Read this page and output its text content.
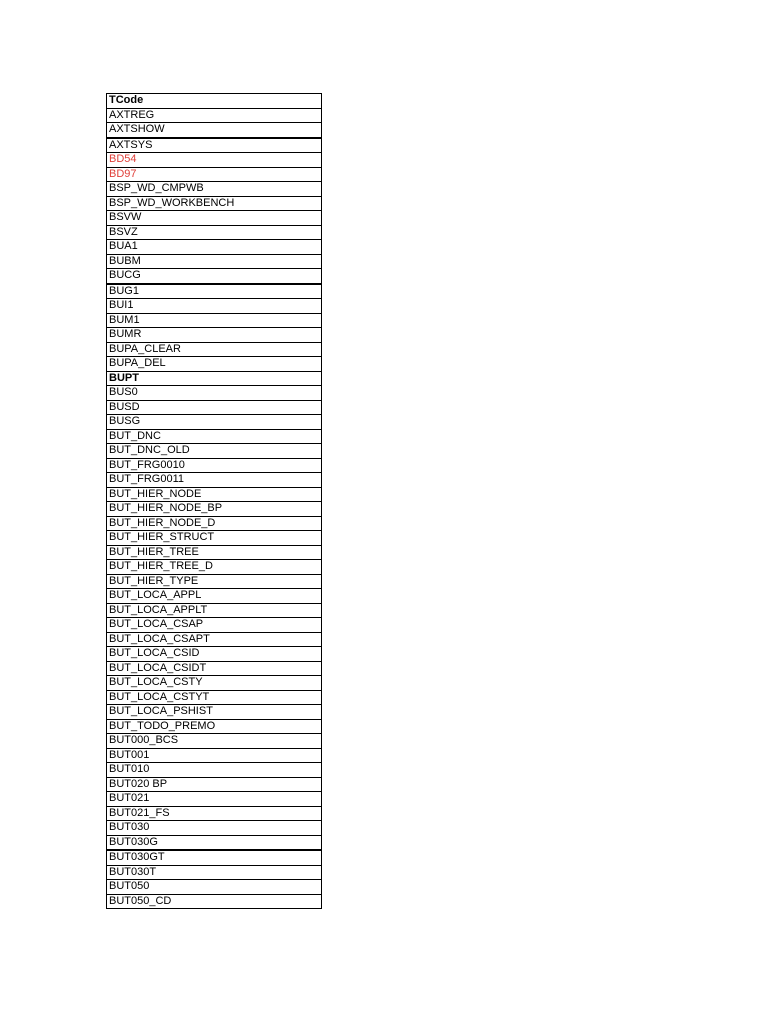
TCode
AXTREG
AXTSHOW
AXTSYS
BD54
BD97
BSP_WD_CMPWB
BSP_WD_WORKBENCH
BSVW
BSVZ
BUA1
BUBM
BUCG
BUG1
BUI1
BUM1
BUMR
BUPA_CLEAR
BUPA_DEL
BUPT
BUS0
BUSD
BUSG
BUT_DNC
BUT_DNC_OLD
BUT_FRG0010
BUT_FRG0011
BUT_HIER_NODE
BUT_HIER_NODE_BP
BUT_HIER_NODE_D
BUT_HIER_STRUCT
BUT_HIER_TREE
BUT_HIER_TREE_D
BUT_HIER_TYPE
BUT_LOCA_APPL
BUT_LOCA_APPLT
BUT_LOCA_CSAP
BUT_LOCA_CSAPT
BUT_LOCA_CSID
BUT_LOCA_CSIDT
BUT_LOCA_CSTY
BUT_LOCA_CSTYT
BUT_LOCA_PSHIST
BUT_TODO_PREMO
BUT000_BCS
BUT001
BUT010
BUT020 BP
BUT021
BUT021_FS
BUT030
BUT030G
BUT030GT
BUT030T
BUT050
BUT050_CD
